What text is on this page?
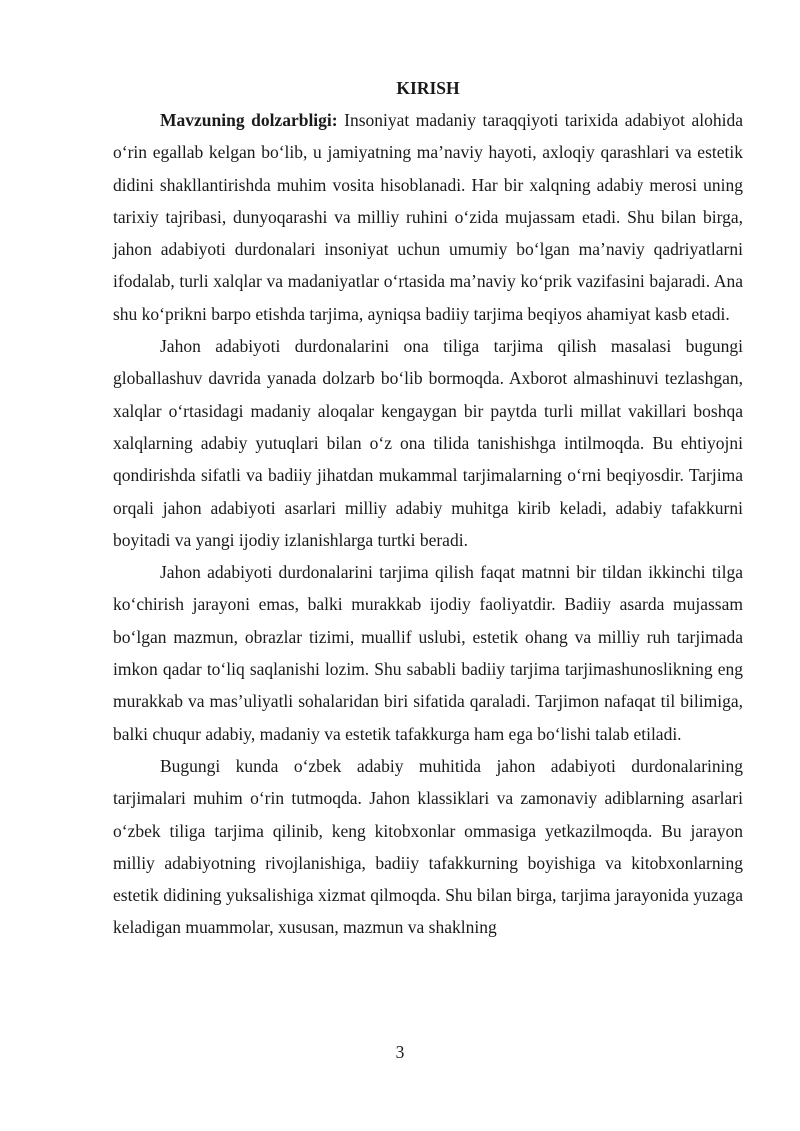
KIRISH

Mavzuning dolzarbligi: Insoniyat madaniy taraqqiyoti tarixida adabiyot alohida o‘rin egallab kelgan bo‘lib, u jamiyatning ma’naviy hayoti, axloqiy qarashlari va estetik didini shakllantirishda muhim vosita hisoblanadi. Har bir xalqning adabiy merosi uning tarixiy tajribasi, dunyoqarashi va milliy ruhini o‘zida mujassam etadi. Shu bilan birga, jahon adabiyoti durdonalari insoniyat uchun umumiy bo‘lgan ma’naviy qadriyatlarni ifodalab, turli xalqlar va madaniyatlar o‘rtasida ma’naviy ko‘prik vazifasini bajaradi. Ana shu ko‘prikni barpo etishda tarjima, ayniqsa badiiy tarjima beqiyos ahamiyat kasb etadi.

Jahon adabiyoti durdonalarini ona tiliga tarjima qilish masalasi bugungi globallashuv davrida yanada dolzarb bo‘lib bormoqda. Axborot almashinuvi tezlashgan, xalqlar o‘rtasidagi madaniy aloqalar kengaygan bir paytda turli millat vakillari boshqa xalqlarning adabiy yutuqlari bilan o‘z ona tilida tanishishga intilmoqda. Bu ehtiyojni qondirishda sifatli va badiiy jihatdan mukammal tarjimalarning o‘rni beqiyosdir. Tarjima orqali jahon adabiyoti asarlari milliy adabiy muhitga kirib keladi, adabiy tafakkurni boyitadi va yangi ijodiy izlanishlarga turtki beradi.

Jahon adabiyoti durdonalarini tarjima qilish faqat matnni bir tildan ikkinchi tilga ko‘chirish jarayoni emas, balki murakkab ijodiy faoliyatdir. Badiiy asarda mujassam bo‘lgan mazmun, obrazlar tizimi, muallif uslubi, estetik ohang va milliy ruh tarjimada imkon qadar to‘liq saqlanishi lozim. Shu sababli badiiy tarjima tarjimashunoslikning eng murakkab va mas’uliyatli sohalaridan biri sifatida qaraladi. Tarjimon nafaqat til bilimiga, balki chuqur adabiy, madaniy va estetik tafakkurga ham ega bo‘lishi talab etiladi.

Bugungi kunda o‘zbek adabiy muhitida jahon adabiyoti durdonalarining tarjimalari muhim o‘rin tutmoqda. Jahon klassiklari va zamonaviy adiblarning asarlari o‘zbek tiliga tarjima qilinib, keng kitobxonlar ommasiga yetkazilmoqda. Bu jarayon milliy adabiyotning rivojlanishiga, badiiy tafakkurning boyishiga va kitobxonlarning estetik didining yuksalishiga xizmat qilmoqda. Shu bilan birga, tarjima jarayonida yuzaga keladigan muammolar, xususan, mazmun va shaklning

3
